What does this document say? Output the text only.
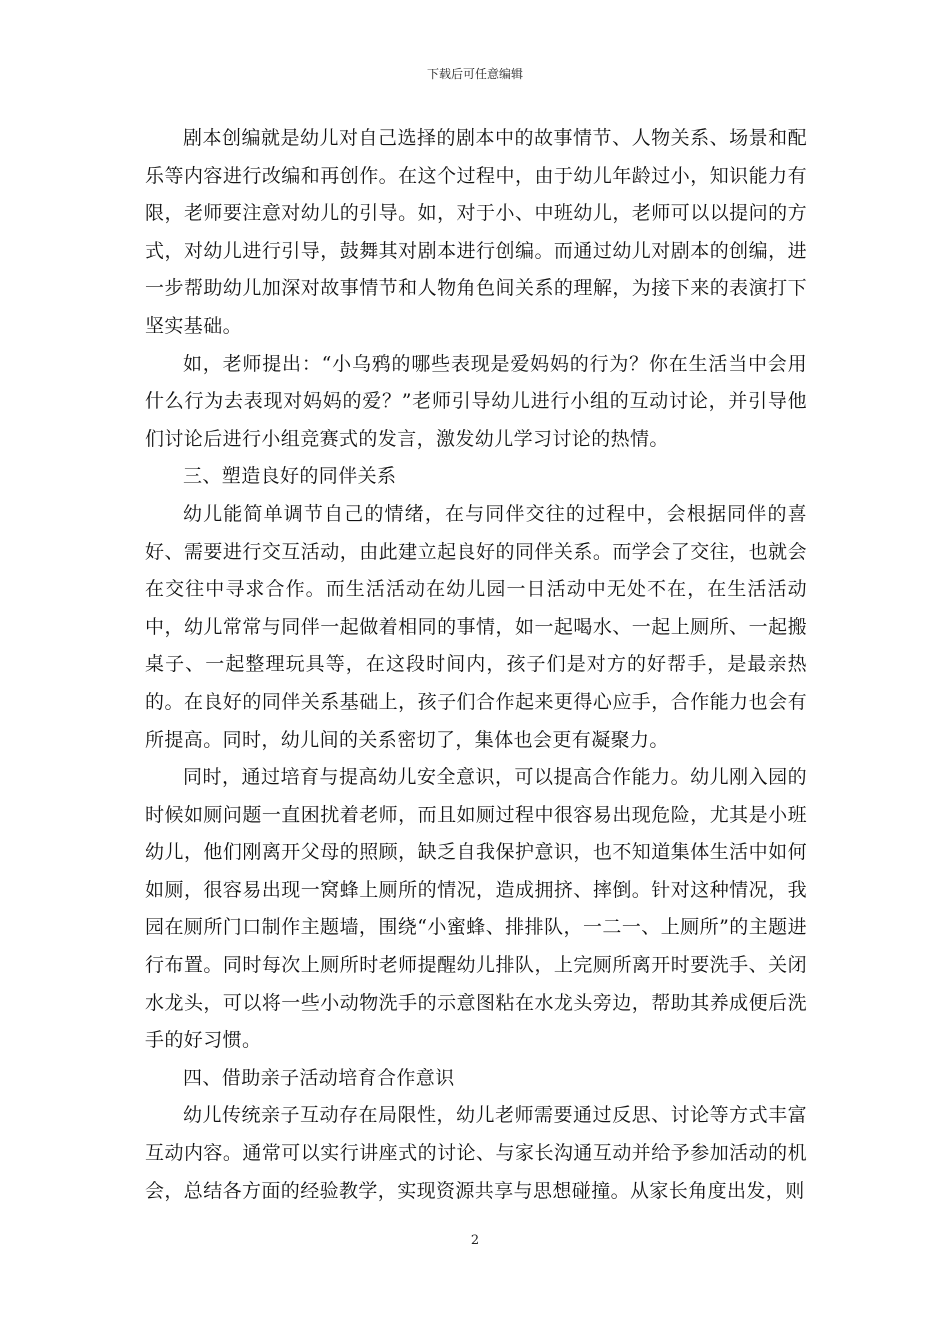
下载后可任意编辑

剧本创编就是幼儿对自己选择的剧本中的故事情节、人物关系、场景和配乐等内容进行改编和再创作。在这个过程中，由于幼儿年龄过小，知识能力有限，老师要注意对幼儿的引导。如，对于小、中班幼儿，老师可以以提问的方式，对幼儿进行引导，鼓舞其对剧本进行创编。而通过幼儿对剧本的创编，进一步帮助幼儿加深对故事情节和人物角色间关系的理解，为接下来的表演打下坚实基础。

如，老师提出：“小乌鸦的哪些表现是爱妈妈的行为？你在生活当中会用什么行为去表现对妈妈的爱？”老师引导幼儿进行小组的互动讨论，并引导他们讨论后进行小组竞赛式的发言，激发幼儿学习讨论的热情。

三、塑造良好的同伴关系

幼儿能简单调节自己的情绪，在与同伴交往的过程中，会根据同伴的喜好、需要进行交互活动，由此建立起良好的同伴关系。而学会了交往，也就会在交往中寻求合作。而生活活动在幼儿园一日活动中无处不在，在生活活动中，幼儿常常与同伴一起做着相同的事情，如一起喝水、一起上厕所、一起搬桌子、一起整理玩具等，在这段时间内，孩子们是对方的好帮手，是最亲热的。在良好的同伴关系基础上，孩子们合作起来更得心应手，合作能力也会有所提高。同时，幼儿间的关系密切了，集体也会更有凝聚力。

同时，通过培育与提高幼儿安全意识，可以提高合作能力。幼儿刚入园的时候如厕问题一直困扰着老师，而且如厕过程中很容易出现危险，尤其是小班幼儿，他们刚离开父母的照顾，缺乏自我保护意识，也不知道集体生活中如何如厕，很容易出现一窝蜂上厕所的情况，造成拥挤、摔倒。针对这种情况，我园在厕所门口制作主题墙，围绕“小蜜蜂、排排队，一二一、上厕所”的主题进行布置。同时每次上厕所时老师提醒幼儿排队，上完厕所离开时要洗手、关闭水龙头，可以将一些小动物洗手的示意图粘在水龙头旁边，帮助其养成便后洗手的好习惯。

四、借助亲子活动培育合作意识

幼儿传统亲子互动存在局限性，幼儿老师需要通过反思、讨论等方式丰富互动内容。通常可以实行讲座式的讨论、与家长沟通互动并给予参加活动的机会，总结各方面的经验教学，实现资源共享与思想碰撞。从家长角度出发，则

2
